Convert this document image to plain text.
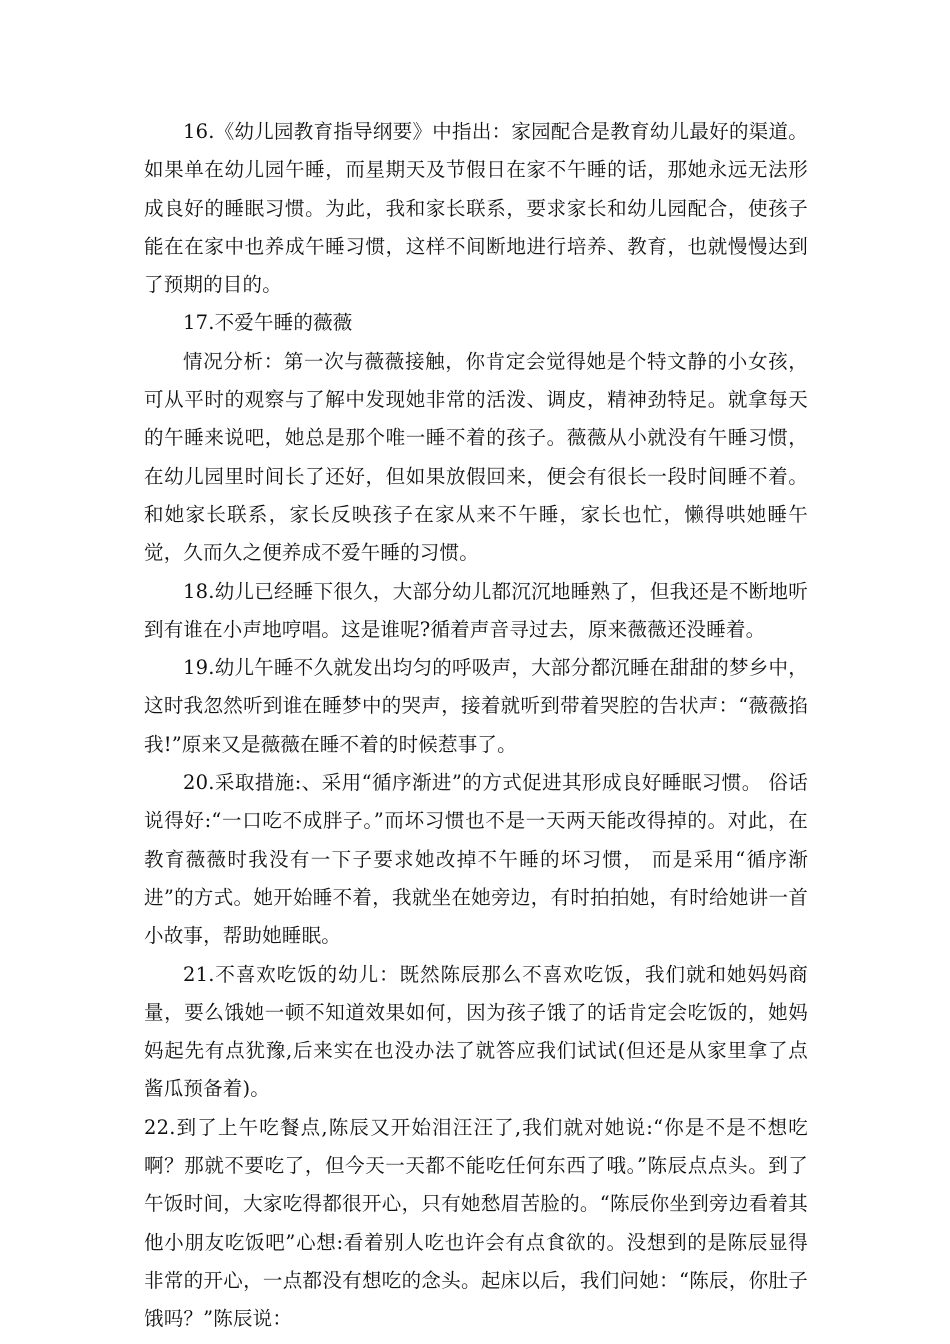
16.《幼儿园教育指导纲要》中指出：家园配合是教育幼儿最好的渠道。如果单在幼儿园午睡，而星期天及节假日在家不午睡的话，那她永远无法形成良好的睡眠习惯。为此，我和家长联系，要求家长和幼儿园配合，使孩子能在在家中也养成午睡习惯，这样不间断地进行培养、教育，也就慢慢达到了预期的目的。

17.不爱午睡的薇薇

情况分析：第一次与薇薇接触，你肯定会觉得她是个特文静的小女孩，可从平时的观察与了解中发现她非常的活泼、调皮，精神劲特足。就拿每天的午睡来说吧，她总是那个唯一睡不着的孩子。薇薇从小就没有午睡习惯，在幼儿园里时间长了还好，但如果放假回来，便会有很长一段时间睡不着。和她家长联系，家长反映孩子在家从来不午睡，家长也忙，懒得哄她睡午觉，久而久之便养成不爱午睡的习惯。

18.幼儿已经睡下很久，大部分幼儿都沉沉地睡熟了，但我还是不断地听到有谁在小声地哼唱。这是谁呢?循着声音寻过去，原来薇薇还没睡着。

19.幼儿午睡不久就发出均匀的呼吸声，大部分都沉睡在甜甜的梦乡中，这时我忽然听到谁在睡梦中的哭声，接着就听到带着哭腔的告状声：“薇薇掐我!”原来又是薇薇在睡不着的时候惹事了。

20.采取措施:、采用“循序渐进”的方式促进其形成良好睡眠习惯。 俗话说得好:“一口吃不成胖子。”而坏习惯也不是一天两天能改得掉的。对此，在教育薇薇时我没有一下子要求她改掉不午睡的坏习惯， 而是采用“循序渐进”的方式。她开始睡不着，我就坐在她旁边，有时拍拍她，有时给她讲一首小故事，帮助她睡眠。

21.不喜欢吃饭的幼儿：既然陈辰那么不喜欢吃饭，我们就和她妈妈商量，要么饿她一顿不知道效果如何，因为孩子饿了的话肯定会吃饭的，她妈妈起先有点犹豫,后来实在也没办法了就答应我们试试(但还是从家里拿了点酱瓜预备着)。

22.到了上午吃餐点,陈辰又开始泪汪汪了,我们就对她说:“你是不是不想吃啊？那就不要吃了，但今天一天都不能吃任何东西了哦。”陈辰点点头。到了午饭时间，大家吃得都很开心，只有她愁眉苦脸的。“陈辰你坐到旁边看着其他小朋友吃饭吧”心想:看着别人吃也许会有点食欲的。没想到的是陈辰显得非常的开心，一点都没有想吃的念头。起床以后，我们问她：“陈辰，你肚子饿吗？”陈辰说：
